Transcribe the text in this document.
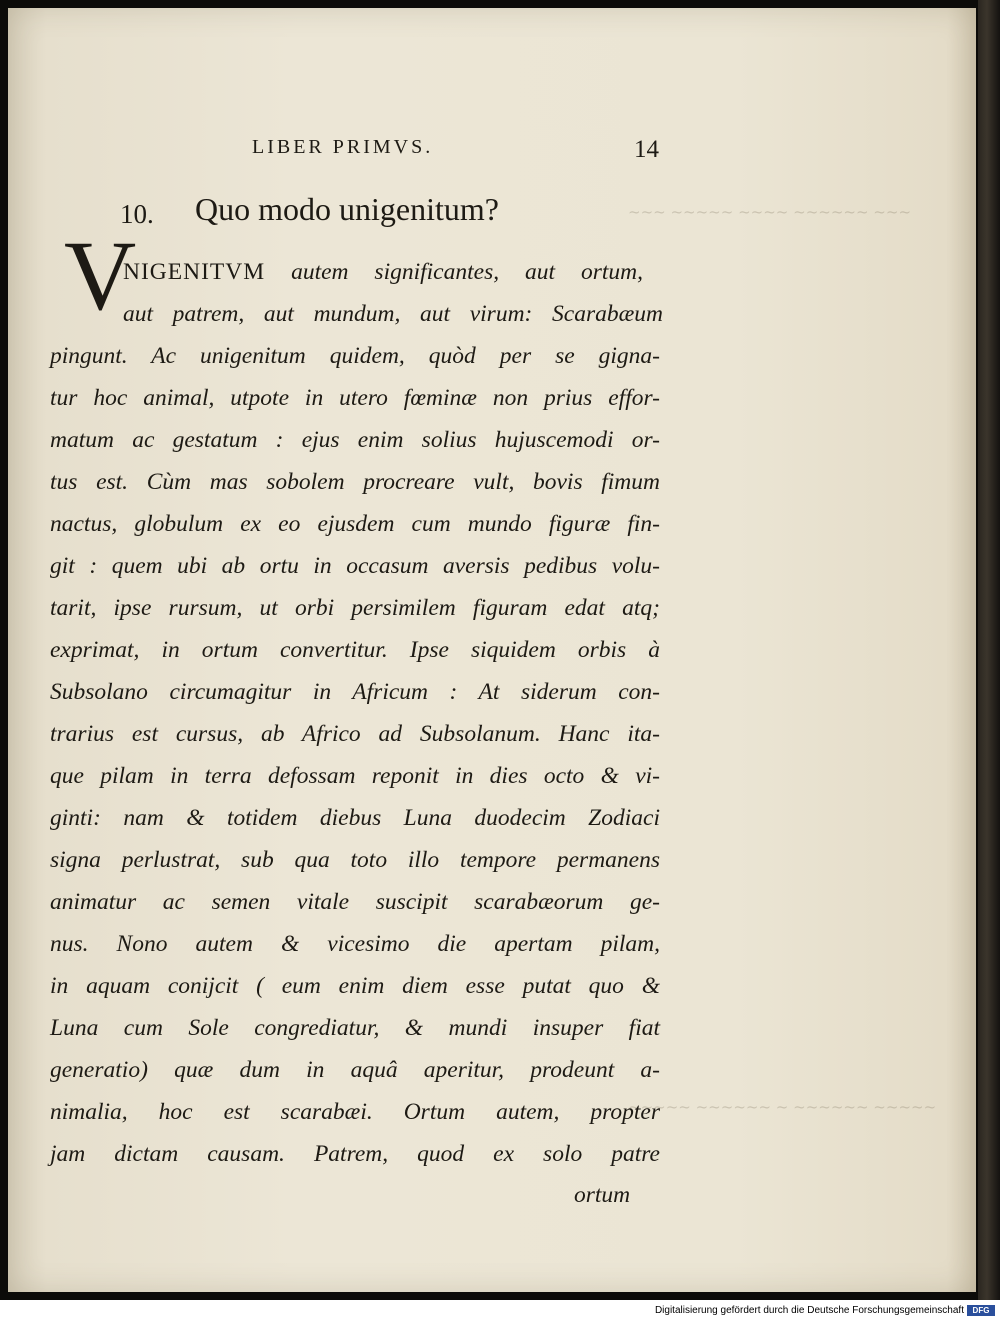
~~~ ~~~~~ ~~~~ ~~~~~~ ~~~
~~~~~ ~~~~~~ ~ ~~~~~~ ~~~~~
LIBER PRIMVS.	14
10. Quo modo unigenitum?
V
NIGENITVM autem significantes, aut ortum,
aut patrem, aut mundum, aut virum: Scarabæum
pingunt. Ac unigenitum quidem, quòd per se gigna-
tur hoc animal, utpote in utero fœminæ non prius effor-
matum ac gestatum : ejus enim solius hujuscemodi or-
tus est. Cùm mas sobolem procreare vult, bovis fimum
nactus, globulum ex eo ejusdem cum mundo figuræ fin-
git : quem ubi ab ortu in occasum aversis pedibus volu-
tarit, ipse rursum, ut orbi persimilem figuram edat atq;
exprimat, in ortum convertitur. Ipse siquidem orbis à
Subsolano circumagitur in Africum : At siderum con-
trarius est cursus, ab Africo ad Subsolanum. Hanc ita-
que pilam in terra defossam reponit in dies octo & vi-
ginti: nam & totidem diebus Luna duodecim Zodiaci
signa perlustrat, sub qua toto illo tempore permanens
animatur ac semen vitale suscipit scarabæorum ge-
nus. Nono autem & vicesimo die apertam pilam,
in aquam conijcit ( eum enim diem esse putat quo &
Luna cum Sole congrediatur, & mundi insuper fiat
generatio) quæ dum in aquâ aperitur, prodeunt a-
nimalia, hoc est scarabæi. Ortum autem, propter
jam dictam causam. Patrem, quod ex solo patre
ortum
Digitalisierung gefördert durch die Deutsche Forschungsgemeinschaft	DFG
